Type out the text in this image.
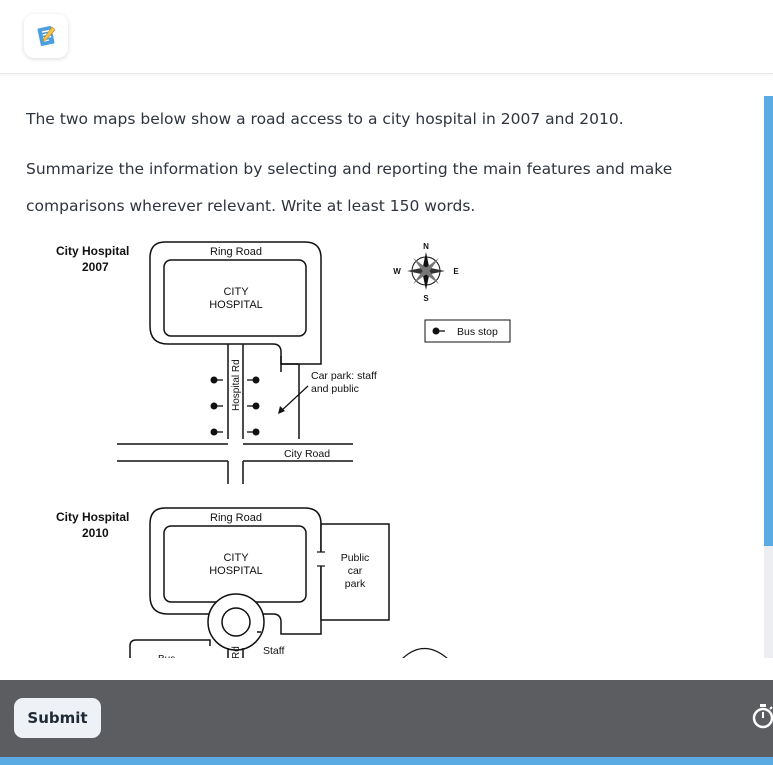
The two maps below show a road access to a city hospital in 2007 and 2010.
Summarize the information by selecting and reporting the main features and make comparisons wherever relevant. Write at least 150 words.
City Hospital
2007
Ring Road
CITY
HOSPITAL
Hospital Rd	Car park: staff
and public
City Road
N
S
E
W
Bus stop
City Hospital
2010
Ring Road
CITY
HOSPITAL
Public
car
park
Rd Staff
Bus
Submit
